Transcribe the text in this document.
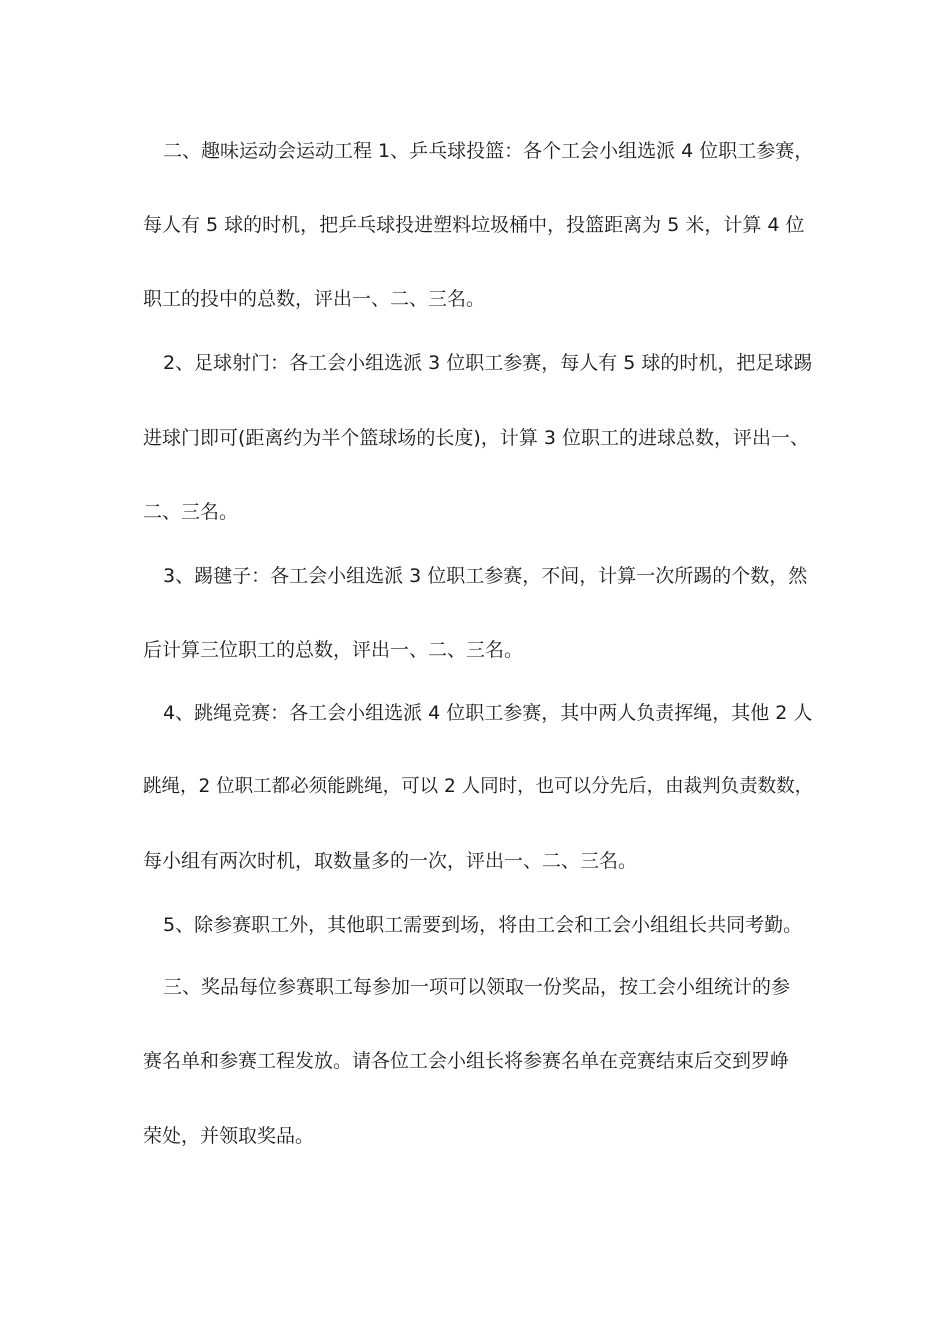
二、趣味运动会运动工程 1、乒乓球投篮：各个工会小组选派 4 位职工参赛，

每人有 5 球的时机，把乒乓球投进塑料垃圾桶中，投篮距离为 5 米，计算 4 位

职工的投中的总数，评出一、二、三名。

2、足球射门：各工会小组选派 3 位职工参赛，每人有 5 球的时机，把足球踢

进球门即可(距离约为半个篮球场的长度)，计算 3 位职工的进球总数，评出一、

二、三名。

3、踢毽子：各工会小组选派 3 位职工参赛，不间，计算一次所踢的个数，然

后计算三位职工的总数，评出一、二、三名。

4、跳绳竞赛：各工会小组选派 4 位职工参赛，其中两人负责挥绳，其他 2 人

跳绳，2 位职工都必须能跳绳，可以 2 人同时，也可以分先后，由裁判负责数数，

每小组有两次时机，取数量多的一次，评出一、二、三名。

5、除参赛职工外，其他职工需要到场，将由工会和工会小组组长共同考勤。

三、奖品每位参赛职工每参加一项可以领取一份奖品，按工会小组统计的参

赛名单和参赛工程发放。请各位工会小组长将参赛名单在竞赛结束后交到罗峥

荣处，并领取奖品。
